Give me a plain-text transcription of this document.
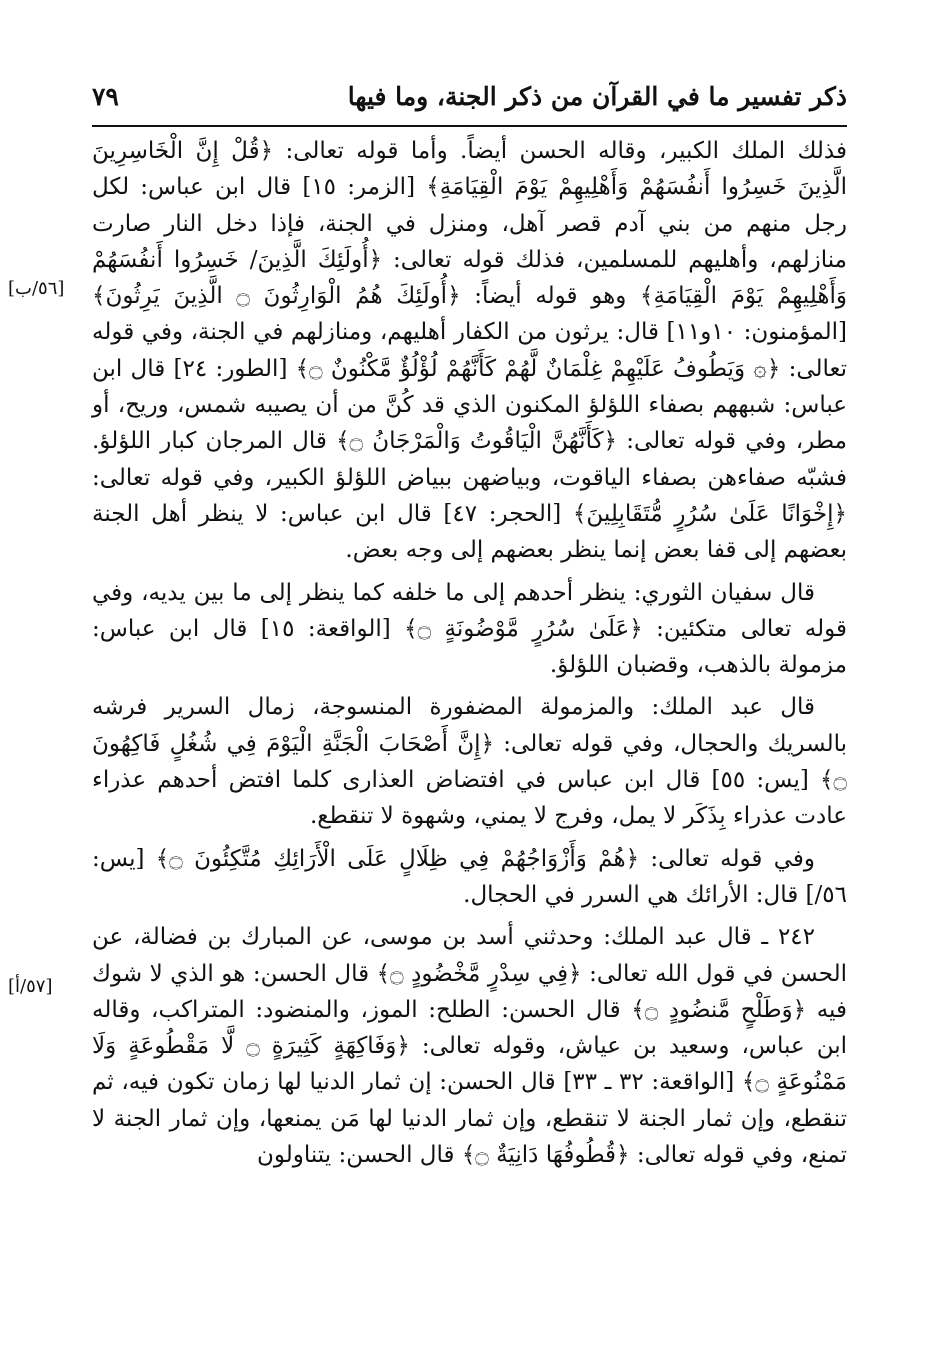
ذكر تفسير ما في القرآن من ذكر الجنة، وما فيها
٧٩
[٥٦/ب]
[٥٧/أ]

فذلك الملك الكبير، وقاله الحسن أيضاً. وأما قوله تعالى: ﴿قُلْ إِنَّ الْخَاسِرِينَ الَّذِينَ خَسِرُوا أَنفُسَهُمْ وَأَهْلِيهِمْ يَوْمَ الْقِيَامَةِ﴾ [الزمر: ١٥] قال ابن عباس: لكل رجل منهم من بني آدم قصر آهل، ومنزل في الجنة، فإذا دخل النار صارت منازلهم، وأهليهم للمسلمين، فذلك قوله تعالى: ﴿أُولَئِكَ الَّذِينَ/ خَسِرُوا أَنفُسَهُمْ وَأَهْلِيهِمْ يَوْمَ الْقِيَامَةِ﴾ وهو قوله أيضاً: ﴿أُولَئِكَ هُمُ الْوَارِثُونَ ۝ الَّذِينَ يَرِثُونَ﴾ [المؤمنون: ١٠و١١] قال: يرثون من الكفار أهليهم، ومنازلهم في الجنة، وفي قوله تعالى: ﴿۞ وَيَطُوفُ عَلَيْهِمْ غِلْمَانٌ لَّهُمْ كَأَنَّهُمْ لُؤْلُؤٌ مَّكْنُونٌ ۝﴾ [الطور: ٢٤] قال ابن عباس: شبههم بصفاء اللؤلؤ المكنون الذي قد كُنَّ من أن يصيبه شمس، وريح، أو مطر، وفي قوله تعالى: ﴿كَأَنَّهُنَّ الْيَاقُوتُ وَالْمَرْجَانُ ۝﴾ قال المرجان كبار اللؤلؤ. فشبّه صفاءهن بصفاء الياقوت، وبياضهن ببياض اللؤلؤ الكبير، وفي قوله تعالى: ﴿إِخْوَانًا عَلَىٰ سُرُرٍ مُّتَقَابِلِينَ﴾ [الحجر: ٤٧] قال ابن عباس: لا ينظر أهل الجنة بعضهم إلى قفا بعض إنما ينظر بعضهم إلى وجه بعض.

قال سفيان الثوري: ينظر أحدهم إلى ما خلفه كما ينظر إلى ما بين يديه، وفي قوله تعالى متكئين: ﴿عَلَىٰ سُرُرٍ مَّوْضُونَةٍ ۝﴾ [الواقعة: ١٥] قال ابن عباس: مزمولة بالذهب، وقضبان اللؤلؤ.

قال عبد الملك: والمزمولة المضفورة المنسوجة، زمال السرير فرشه بالسريك والحجال، وفي قوله تعالى: ﴿إِنَّ أَصْحَابَ الْجَنَّةِ الْيَوْمَ فِي شُغُلٍ فَاكِهُونَ ۝﴾ [يس: ٥٥] قال ابن عباس في افتضاض العذارى كلما افتض أحدهم عذراء عادت عذراء بِذَكَر لا يمل، وفرج لا يمني، وشهوة لا تنقطع.

وفي قوله تعالى: ﴿هُمْ وَأَزْوَاجُهُمْ فِي ظِلَالٍ عَلَى الْأَرَائِكِ مُتَّكِئُونَ ۝﴾ [يس: ٥٦/] قال: الأرائك هي السرر في الحجال.

٢٤٢ ـ قال عبد الملك: وحدثني أسد بن موسى، عن المبارك بن فضالة، عن الحسن في قول الله تعالى: ﴿فِي سِدْرٍ مَّخْضُودٍ ۝﴾ قال الحسن: هو الذي لا شوك فيه ﴿وَطَلْحٍ مَّنضُودٍ ۝﴾ قال الحسن: الطلح: الموز، والمنضود: المتراكب، وقاله ابن عباس، وسعيد بن عياش، وقوله تعالى: ﴿وَفَاكِهَةٍ كَثِيرَةٍ ۝ لَّا مَقْطُوعَةٍ وَلَا مَمْنُوعَةٍ ۝﴾ [الواقعة: ٣٢ ـ ٣٣] قال الحسن: إن ثمار الدنيا لها زمان تكون فيه، ثم تنقطع، وإن ثمار الجنة لا تنقطع، وإن ثمار الدنيا لها مَن يمنعها، وإن ثمار الجنة لا تمنع، وفي قوله تعالى: ﴿قُطُوفُهَا دَانِيَةٌ ۝﴾ قال الحسن: يتناولون
